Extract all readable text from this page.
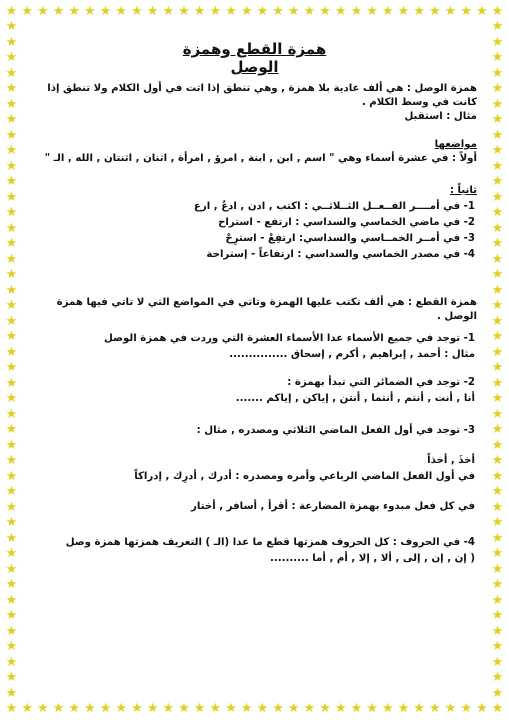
★
★
★
★
★
★
★
★
★
★
★
★
★
★
★
★
★
★
★
★
★
★
★
★
★
★
★
★
★
★
★
★
★
★
★
★
★
★
★
★
★
★
★
★
★
★
★
★
★
★
★
★
★
★
★
★
★
★
★
★
★
★
★
★
★	★
★	★
★	★
★	★
★	★
★	★
★	★
★	★
★	★
★	★
★	★
★	★
★	★
★	★
★	★
★	★
★	★
★	★
★	★
★	★
★	★
★	★
★	★
★	★
★	★
★	★
★	★
★	★
★	★
★	★
★	★
★	★
★	★
★	★
★	★
★	★
★	★
★	★
★	★
★	★
★	★
★	★
★	★
★	★
همزة القطع وهمزة
الوصل
همزة الوصل : هي ألف عادية بلا همزة , وهي تنطق إذا اتت في أول الكلام ولا تنطق إذا كانت في وسط الكلام .
مثال : استقبل
مواضعها
أولاً : في عشرة أسماء وهي " اسم , ابن , ابنة , امرؤ , امرأة , اثنان , اثنتان , الله , الـ "
ثانياً :
1- في أمــــر الفــعــل الثــلاثــي : اكتب , ادن , ادعُ , ارع
2- في ماضي الخماسي والسداسي : ارتفع - استراح
3- في أمــر الخمــاسي والسداسي: ارتفِعْ - استرِحْ
4- في مصدر الخماسي والسداسي : ارتفاعاً - إستراحة
همزة القطع : هي ألف تكتب عليها الهمزة وتاتي في المواضع التي لا تاتي فيها همزة الوصل .
1- توجد في جميع الأسماء عدا الأسماء العشرة التي وردت في همزة الوصل
مثال : أحمد , إبراهيم , أكرم , إسحاق ...............
2- توجد في الضمائر التي تبدأ بهمزة :
أنا , أنت , أنتم , أنتما , أنتن , إياكن , إياكم .......
3- توجد في أول الفعل الماضي الثلاثي ومصدره , مثال :
أخذَ , أخذاً
في أول الفعل الماضي الرباعي وأمره ومصدره : أدرك , أدرِك , إدراكاً
في كل فعل مبدوء بهمزة المضارعة : أقرأ , أسافر , أختار
4- في الحروف : كل الحروف همزتها قطع ما عدا (الـ ) التعريف همزتها همزة وصل
( إن , إن , إلى , ألا , إلا , أم , أما ..........
